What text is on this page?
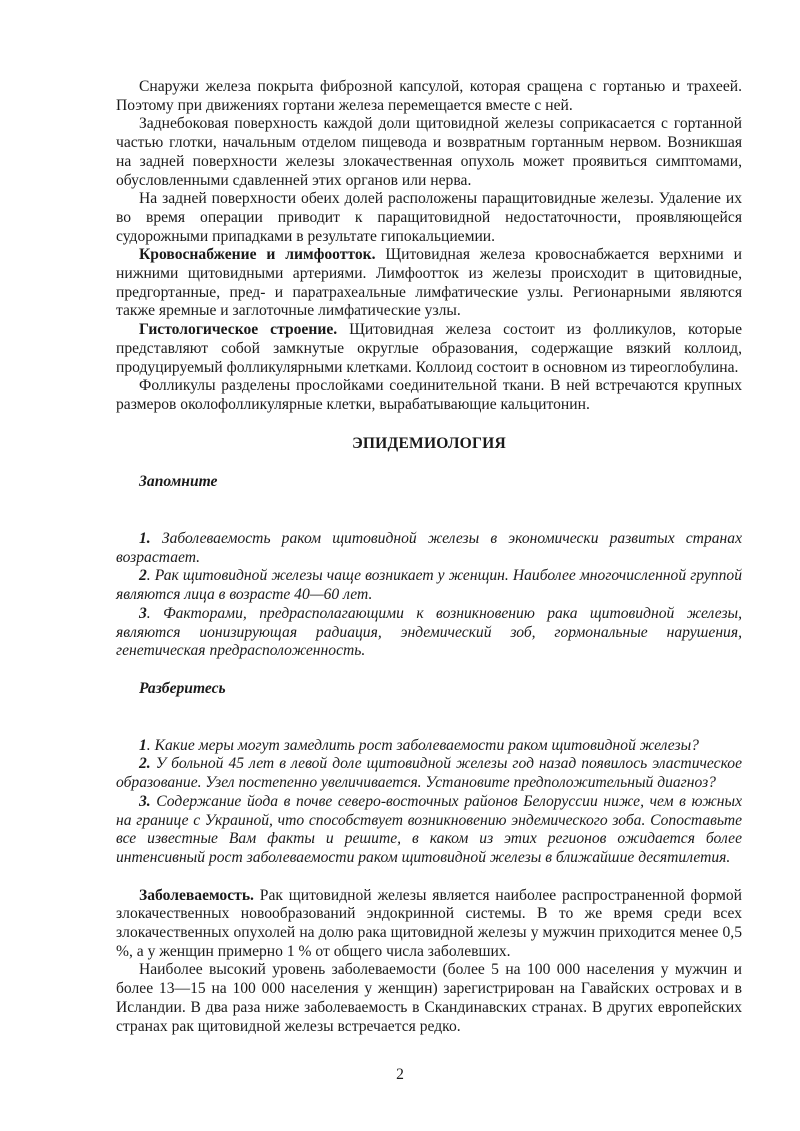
Снаружи железа покрыта фиброзной капсулой, которая сращена с гортанью и трахеей. Поэтому при движениях гортани железа перемещается вместе с ней.

Заднебоковая поверхность каждой доли щитовидной железы соприкасается с гортанной частью глотки, начальным отделом пищевода и возвратным гортанным нервом. Возникшая на задней поверхности железы злокачественная опухоль может проявиться симптомами, обусловленными сдавленней этих органов или нерва.

На задней поверхности обеих долей расположены паращитовидные железы. Удаление их во время операции приводит к паращитовидной недостаточности, проявляющейся судорожными припадками в результате гипокальциемии.

Кровоснабжение и лимфоотток. Щитовидная железа кровоснабжается верхними и нижними щитовидными артериями. Лимфоотток из железы происходит в щитовидные, предгортанные, пред- и паратрахеальные лимфатические узлы. Регионарными являются также яремные и заглоточные лимфатические узлы.

Гистологическое строение. Щитовидная железа состоит из фолликулов, которые представляют собой замкнутые округлые образования, содержащие вязкий коллоид, продуцируемый фолликулярными клетками. Коллоид состоит в основном из тиреоглобулина.

Фолликулы разделены прослойками соединительной ткани. В ней встречаются крупных размеров околофолликулярные клетки, вырабатывающие кальцитонин.

ЭПИДЕМИОЛОГИЯ

Запомните

1. Заболеваемость раком щитовидной железы в экономически развитых странах возрастает.

2. Рак щитовидной железы чаще возникает у женщин. Наиболее многочисленной группой являются лица в возрасте 40—60 лет.

3. Факторами, предрасполагающими к возникновению рака щитовидной железы, являются ионизирующая радиация, эндемический зоб, гормональные нарушения, генетическая предрасположенность.

Разберитесь

1. Какие меры могут замедлить рост заболеваемости раком щитовидной железы?

2. У больной 45 лет в левой доле щитовидной железы год назад появилось эластическое образование. Узел постепенно увеличивается. Установите предположительный диагноз?

3. Содержание йода в почве северо-восточных районов Белоруссии ниже, чем в южных на границе с Украиной, что способствует возникновению эндемического зоба. Сопоставьте все известные Вам факты и решите, в каком из этих регионов ожидается более интенсивный рост заболеваемости раком щитовидной железы в ближайшие десятилетия.

Заболеваемость. Рак щитовидной железы является наиболее распространенной формой злокачественных новообразований эндокринной системы. В то же время среди всех злокачественных опухолей на долю рака щитовидной железы у мужчин приходится менее 0,5 %, а у женщин примерно 1 % от общего числа заболевших.

Наиболее высокий уровень заболеваемости (более 5 на 100 000 населения у мужчин и более 13—15 на 100 000 населения у женщин) зарегистрирован на Гавайских островах и в Исландии. В два раза ниже заболеваемость в Скандинавских странах. В других европейских странах рак щитовидной железы встречается редко.

2
